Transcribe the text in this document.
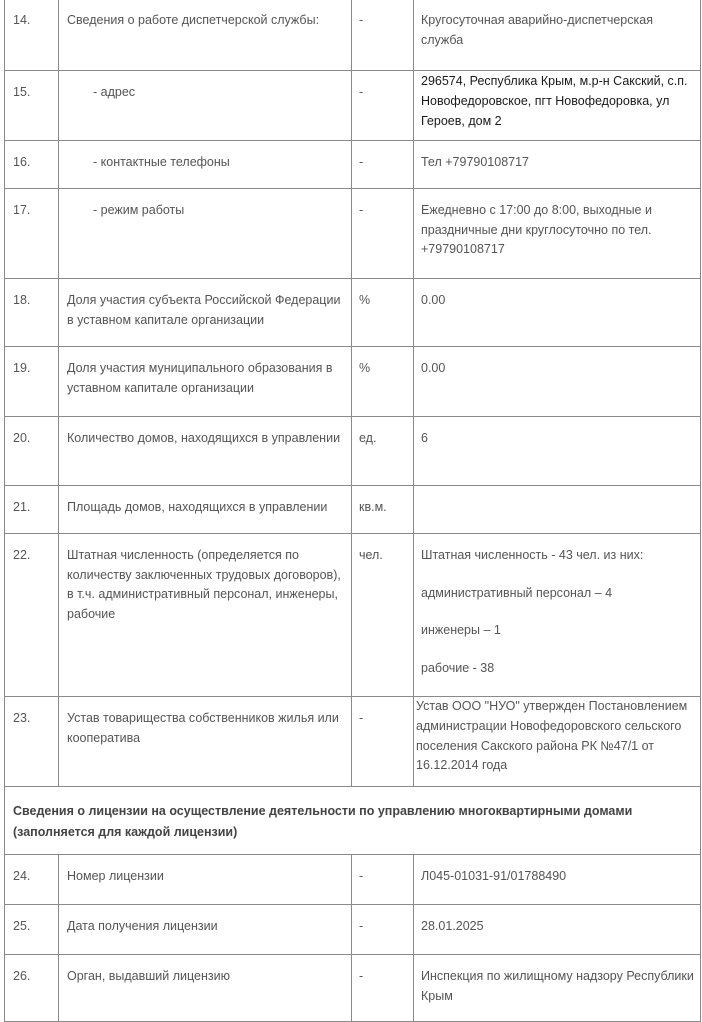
14.	Сведения о работе диспетчерской службы:	-	Кругосуточная аварийно-диспетчерская служба
15.	- адрес	-	296574, Республика Крым, м.р-н Сакский, с.п. Новофедоровское, пгт Новофедоровка, ул Героев, дом 2
16.	- контактные телефоны	-	Тел +79790108717
17.	- режим работы	-	Ежедневно с 17:00 до 8:00, выходные и праздничные дни круглосуточно по тел. +79790108717
18.	Доля участия субъекта Российской Федерации в уставном капитале организации	%	0.00
19.	Доля участия муниципального образования в уставном капитале организации	%	0.00
20.	Количество домов, находящихся в управлении	ед.	6
21.	Площадь домов, находящихся в управлении	кв.м.	
22.	Штатная численность (определяется по количеству заключенных трудовых договоров), в т.ч. административный персонал, инженеры, рабочие	чел.	Штатная численность - 43 чел. из них:

административный персонал – 4

инженеры – 1

рабочие - 38

23.	Устав товарищества собственников жилья или кооператива	-	Устав ООО "НУО" утвержден Постановлением администрации Новофедоровского сельского поселения Сакского района РК №47/1 от 16.12.2014 года
Сведения о лицензии на осуществление деятельности по управлению многоквартирными домами (заполняется для каждой лицензии)			
24.	Номер лицензии	-	Л045-01031-91/01788490
25.	Дата получения лицензии	-	28.01.2025
26.	Орган, выдавший лицензию	-	Инспекция по жилищному надзору Республики Крым
